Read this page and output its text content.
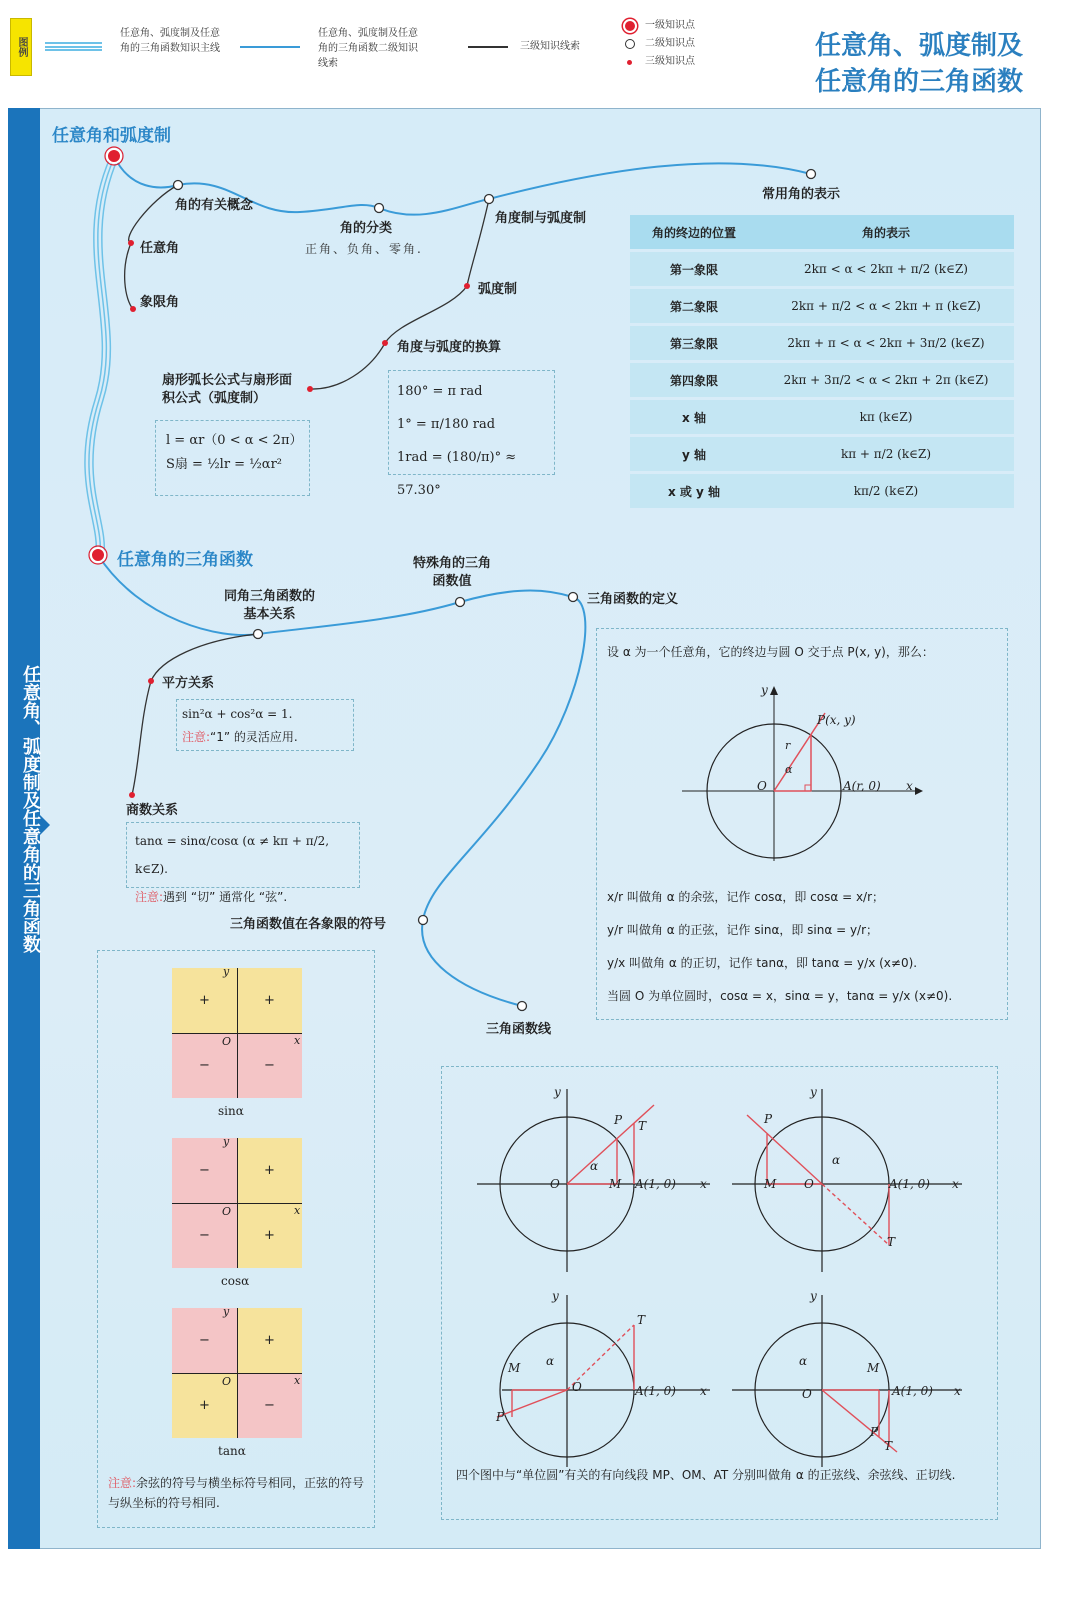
图例
任意角、弧度制及任意角的三角函数知识主线
任意角、弧度制及任意角的三角函数二级知识线索
三级知识线索
一级知识点
二级知识点
三级知识点
任意角、弧度制及
任意角的三角函数
任意角、弧度制及任意角的三角函数
任意角和弧度制
角的有关概念
任意角
象限角
角的分类
正角、负角、零角.
角度制与弧度制
弧度制
角度与弧度的换算
扇形弧长公式与扇形面积公式（弧度制）
l = αr（0 < α < 2π）
S扇 = ½lr = ½αr²
180° = π rad
1° = π/180 rad
1rad = (180/π)° ≈ 57.30°
常用角的表示
角的终边的位置	角的表示
第一象限	2kπ < α < 2kπ + π/2 (k∈Z)
第二象限	2kπ + π/2 < α < 2kπ + π (k∈Z)
第三象限	2kπ + π < α < 2kπ + 3π/2 (k∈Z)
第四象限	2kπ + 3π/2 < α < 2kπ + 2π (k∈Z)
x 轴	kπ (k∈Z)
y 轴	kπ + π/2 (k∈Z)
x 或 y 轴	kπ/2 (k∈Z)
任意角的三角函数
同角三角函数的基本关系
特殊角的三角函数值
三角函数的定义
平方关系
sin²α + cos²α = 1.
注意:“1” 的灵活应用.
商数关系
tanα = sinα/cosα (α ≠ kπ + π/2, k∈Z).
注意:遇到 “切” 通常化 “弦”.
设 α 为一个任意角，它的终边与圆 O 交于点 P(x, y)，那么：
y
P(x, y)
r
α
O	A(r, 0) x
x/r 叫做角 α 的余弦，记作 cosα，即 cosα = x/r；
y/r 叫做角 α 的正弦，记作 sinα，即 sinα = y/r；
y/x 叫做角 α 的正切，记作 tanα，即 tanα = y/x (x≠0).
当圆 O 为单位圆时，cosα = x，sinα = y，tanα = y/x (x≠0).
三角函数值在各象限的符号
+	+
−	−
y
x
O
sinα
−	+
−	+
y
x
O
cosα
−	+
+	−
y
x
O
tanα
注意:余弦的符号与横坐标符号相同，正弦的符号与纵坐标的符号相同.
三角函数线
y
P T
α
O	M A(1, 0) x
y
P
α
M O	A(1, 0) x
T
y
T
α
M
O	A(1, 0) x
P
y
α	M
O	A(1, 0) x
P
T
四个图中与“单位圆”有关的有向线段 MP、OM、AT 分别叫做角 α 的正弦线、余弦线、正切线.
